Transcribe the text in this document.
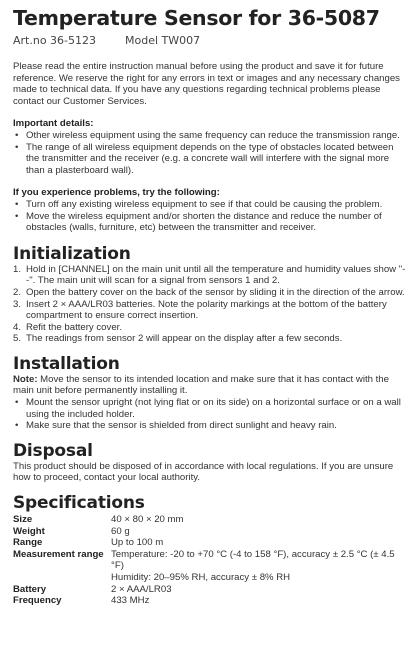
Temperature Sensor for 36-5087
Art.no 36-5123	Model TW007

Please read the entire instruction manual before using the product and save it for future reference. We reserve the right for any errors in text or images and any necessary changes made to technical data. If you have any questions regarding technical problems please contact our Customer Services.

Important details:
• Other wireless equipment using the same frequency can reduce the transmission range.
• The range of all wireless equipment depends on the type of obstacles located between the transmitter and the receiver (e.g. a concrete wall will interfere with the signal more than a plasterboard wall).
If you experience problems, try the following:
• Turn off any existing wireless equipment to see if that could be causing the problem.
• Move the wireless equipment and/or shorten the distance and reduce the number of obstacles (walls, furniture, etc) between the transmitter and receiver.
Initialization
1. Hold in [CHANNEL] on the main unit until all the temperature and humidity values show "- -". The main unit will scan for a signal from sensors 1 and 2.
2. Open the battery cover on the back of the sensor by sliding it in the direction of the arrow.
3. Insert 2 × AAA/LR03 batteries. Note the polarity markings at the bottom of the battery compartment to ensure correct insertion.
4. Refit the battery cover.
5. The readings from sensor 2 will appear on the display after a few seconds.
Installation

Note: Move the sensor to its intended location and make sure that it has contact with the main unit before permanently installing it.

• Mount the sensor upright (not lying flat or on its side) on a horizontal surface or on a wall using the included holder.
• Make sure that the sensor is shielded from direct sunlight and heavy rain.
Disposal

This product should be disposed of in accordance with local regulations. If you are unsure how to proceed, contact your local authority.

Specifications
Size	40 × 80 × 20 mm
Weight	60 g
Range	Up to 100 m
Measurement range	Temperature: -20 to +70 °C (-4 to 158 °F), accuracy ± 2.5 °C (± 4.5 °F)
Humidity: 20–95% RH, accuracy ± 8% RH

Battery	2 × AAA/LR03
Frequency	433 MHz
